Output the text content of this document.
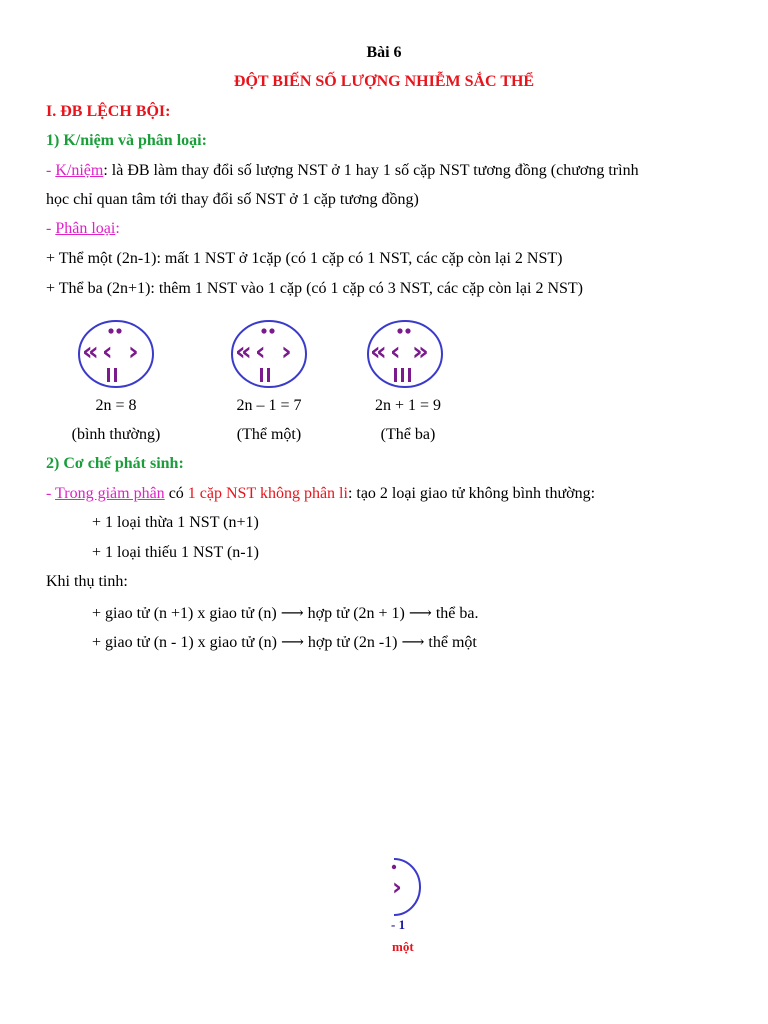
Bài 6
ĐỘT BIẾN SỐ LƯỢNG NHIỄM SẮC THỂ
I. ĐB LỆCH BỘI:
1) K/niệm và phân loại:
- K/niệm: là ĐB làm thay đổi số lượng NST ở 1 hay 1 số cặp NST tương đồng (chương trình
học chỉ quan tâm tới thay đổi số NST ở 1 cặp tương đồng)
- Phân loại:
+ Thể một (2n-1): mất 1 NST ở 1cặp (có 1 cặp có 1 NST, các cặp còn lại 2 NST)
+ Thể ba (2n+1): thêm 1 NST vào 1 cặp (có 1 cặp có 3 NST, các cặp còn lại 2 NST)
« ‹ ›	« ‹ ›	« ‹ »
2n = 8
(bình thường)
2n – 1 = 7
(Thể một)
2n + 1 = 9
(Thể ba)
2) Cơ chế phát sinh:
- Trong giảm phân có 1 cặp NST không phân li: tạo 2 loại giao tử không bình thường:
+ 1 loại thừa 1 NST (n+1)
+ 1 loại thiếu 1 NST (n-1)
Khi thụ tinh:
+ giao tử (n +1) x giao tử (n) ⟶ hợp tử (2n + 1) ⟶ thể ba.
+ giao tử (n - 1) x giao tử (n) ⟶ hợp tử (2n -1) ⟶ thể một
›
- 1
một
